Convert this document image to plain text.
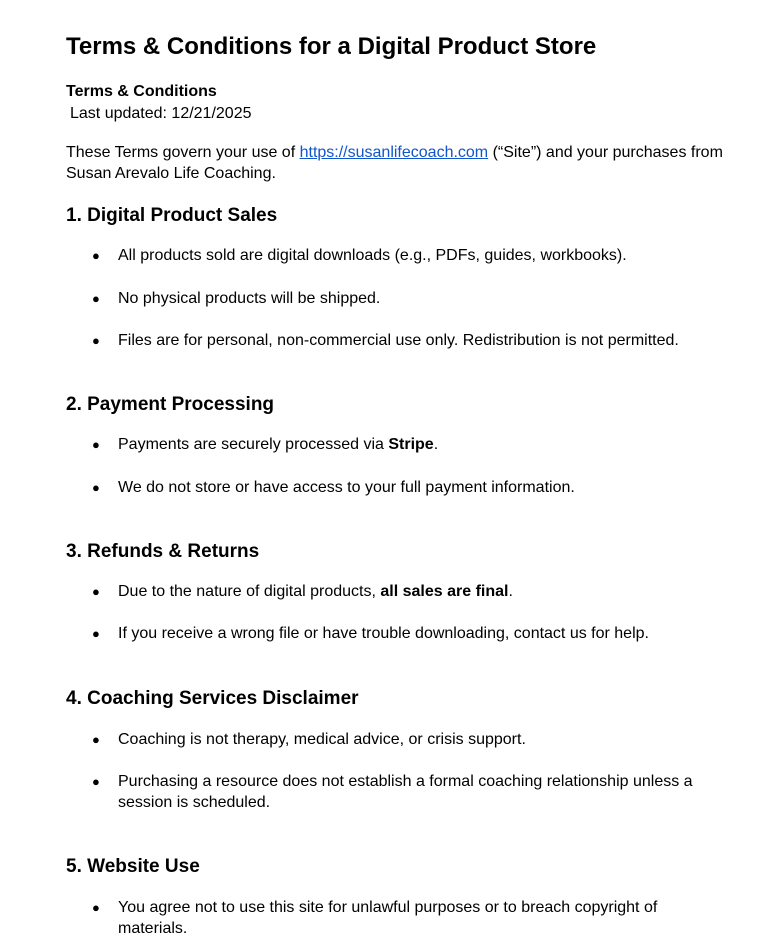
Terms & Conditions for a Digital Product Store
Terms & Conditions
Last updated: 12/21/2025

These Terms govern your use of https://susanlifecoach.com (“Site”) and your purchases from Susan Arevalo Life Coaching.

1. Digital Product Sales
● All products sold are digital downloads (e.g., PDFs, guides, workbooks).
● No physical products will be shipped.
● Files are for personal, non-commercial use only. Redistribution is not permitted.
2. Payment Processing
● Payments are securely processed via Stripe.
● We do not store or have access to your full payment information.
3. Refunds & Returns
● Due to the nature of digital products, all sales are final.
● If you receive a wrong file or have trouble downloading, contact us for help.
4. Coaching Services Disclaimer
● Coaching is not therapy, medical advice, or crisis support.
● Purchasing a resource does not establish a formal coaching relationship unless a session is scheduled.
5. Website Use
● You agree not to use this site for unlawful purposes or to breach copyright of materials.
